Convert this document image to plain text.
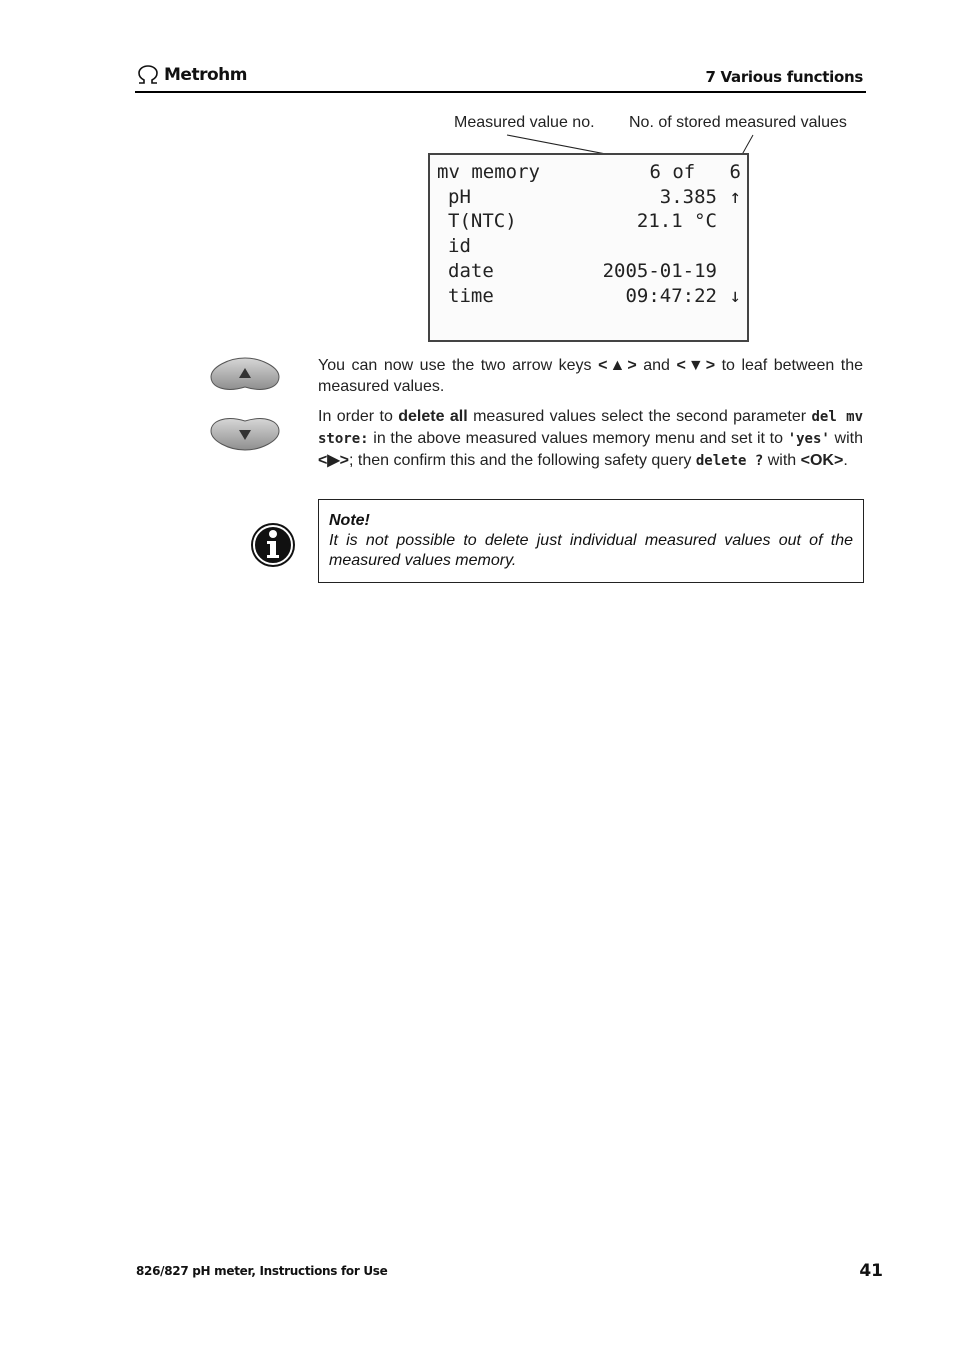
Metrohm	7 Various functions
Measured value no. No. of stored measured values
mv memory	6 of   6
pH	3.385 ↑
T(NTC)	21.1 °C
id
date	2005-01-19
time	09:47:22 ↓

You can now use the two arrow keys <▲> and <▼> to leaf between the measured values.

In order to delete all measured values select the second parameter del mv store: in the above measured values memory menu and set it to 'yes' with <▶>; then confirm this and the following safety query delete ? with <OK>.

Note!
It is not possible to delete just individual measured values out of the measured values memory.
826/827 pH meter, Instructions for Use	41
